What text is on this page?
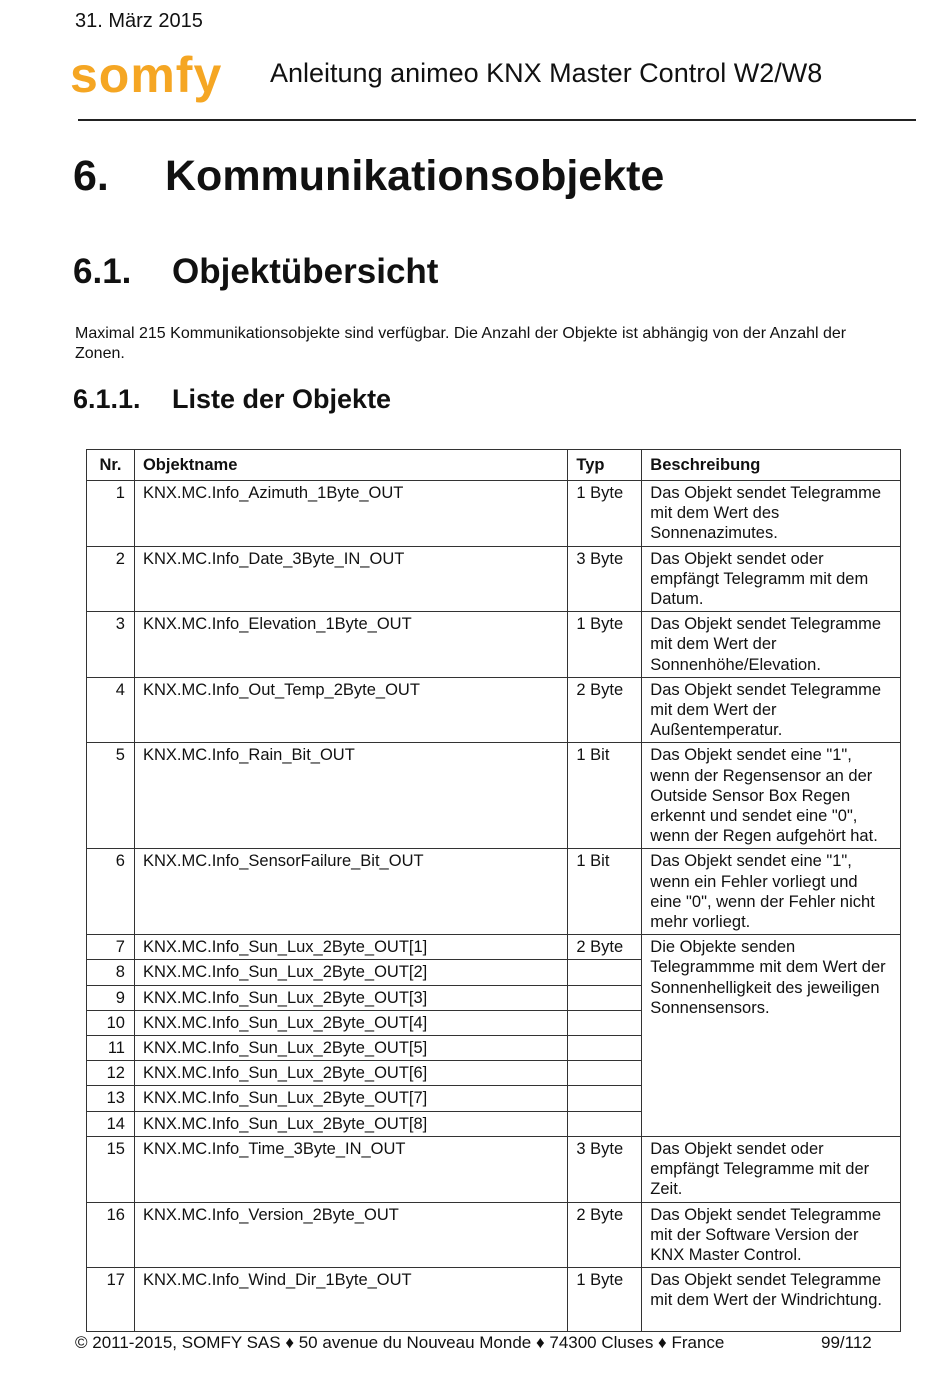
31. März 2015
somfy Anleitung animeo KNX Master Control W2/W8
6. Kommunikationsobjekte
6.1. Objektübersicht
Maximal 215 Kommunikationsobjekte sind verfügbar. Die Anzahl der Objekte ist abhängig von der Anzahl der Zonen.
6.1.1. Liste der Objekte
Nr.	Objektname	Typ	Beschreibung
1	KNX.MC.Info_Azimuth_1Byte_OUT	1 Byte	Das Objekt sendet Telegramme mit dem Wert des Sonnenazimutes.
2	KNX.MC.Info_Date_3Byte_IN_OUT	3 Byte	Das Objekt sendet oder empfängt Telegramm mit dem Datum.
3	KNX.MC.Info_Elevation_1Byte_OUT	1 Byte	Das Objekt sendet Telegramme mit dem Wert der Sonnenhöhe/Elevation.
4	KNX.MC.Info_Out_Temp_2Byte_OUT	2 Byte	Das Objekt sendet Telegramme mit dem Wert der Außentemperatur.
5	KNX.MC.Info_Rain_Bit_OUT	1 Bit	Das Objekt sendet eine "1", wenn der Regensensor an der Outside Sensor Box Regen erkennt und sendet eine "0", wenn der Regen aufgehört hat.
6	KNX.MC.Info_SensorFailure_Bit_OUT	1 Bit	Das Objekt sendet eine "1", wenn ein Fehler vorliegt und eine "0", wenn der Fehler nicht mehr vorliegt.
7	KNX.MC.Info_Sun_Lux_2Byte_OUT[1]	2 Byte	Die Objekte senden Telegrammme mit dem Wert der Sonnenhelligkeit des jeweiligen Sonnensensors.
8	KNX.MC.Info_Sun_Lux_2Byte_OUT[2]		
9	KNX.MC.Info_Sun_Lux_2Byte_OUT[3]		
10	KNX.MC.Info_Sun_Lux_2Byte_OUT[4]		
11	KNX.MC.Info_Sun_Lux_2Byte_OUT[5]		
12	KNX.MC.Info_Sun_Lux_2Byte_OUT[6]		
13	KNX.MC.Info_Sun_Lux_2Byte_OUT[7]		
14	KNX.MC.Info_Sun_Lux_2Byte_OUT[8]		
15	KNX.MC.Info_Time_3Byte_IN_OUT	3 Byte	Das Objekt sendet oder empfängt Telegramme mit der Zeit.
16	KNX.MC.Info_Version_2Byte_OUT	2 Byte	Das Objekt sendet Telegramme mit der Software Version der KNX Master Control.
17	KNX.MC.Info_Wind_Dir_1Byte_OUT	1 Byte	Das Objekt sendet Telegramme mit dem Wert der Windrichtung.
© 2011-2015, SOMFY SAS ♦ 50 avenue du Nouveau Monde ♦ 74300 Cluses ♦ France	99/112
